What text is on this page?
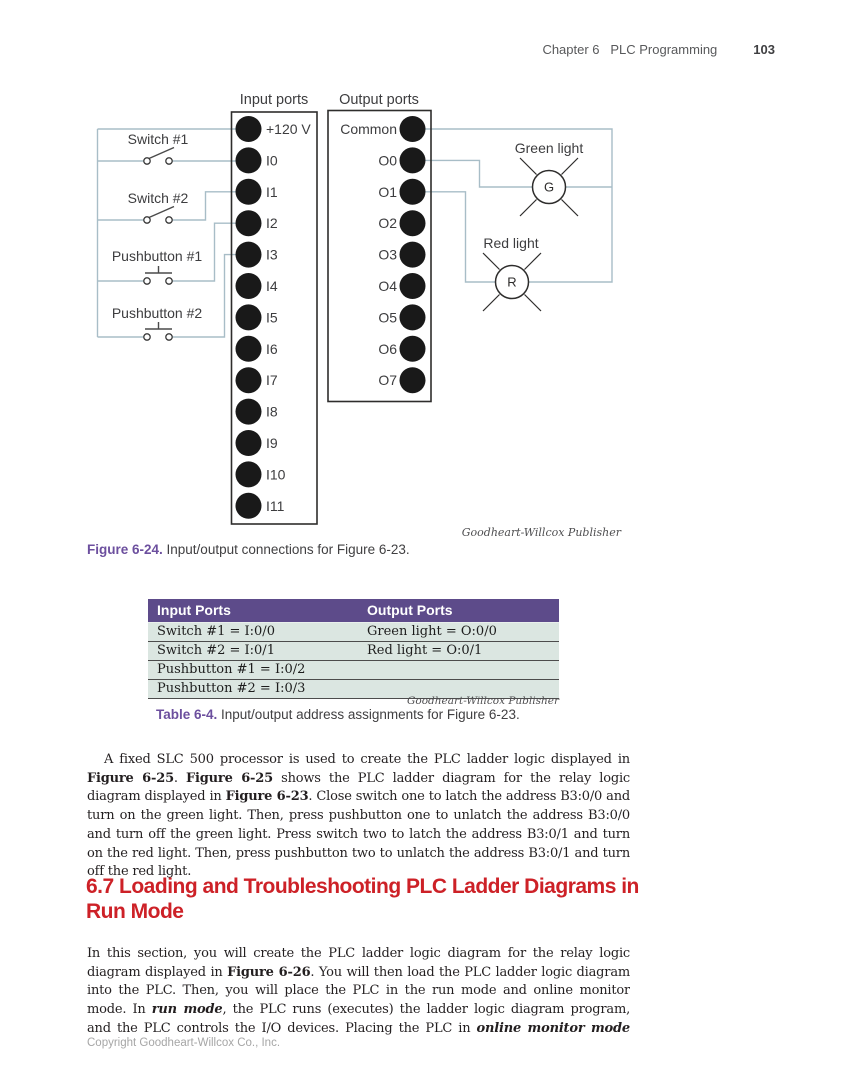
Chapter 6   PLC Programming	103
Input ports Output ports
+120 V
I0
I1
I2
I3
I4
I5
I6
I7
I8
I9
I10
I11
Common
O0
O1
O2
O3
O4
O5
O6
O7
Switch #1
Switch #2
Pushbutton #1
Pushbutton #2
Green light
G
Red light
R
Goodheart-Willcox Publisher
Figure 6-24. Input/output connections for Figure 6-23.
Input Ports	Output Ports
Switch #1 = I:0/0	Green light = O:0/0
Switch #2 = I:0/1	Red light = O:0/1
Pushbutton #1 = I:0/2	
Pushbutton #2 = I:0/3	
Goodheart-Willcox Publisher
Table 6-4. Input/output address assignments for Figure 6-23.

A fixed SLC 500 processor is used to create the PLC ladder logic displayed in Figure 6-25. Figure 6-25 shows the PLC ladder diagram for the relay logic diagram displayed in Figure 6-23. Close switch one to latch the address B3:0/0 and turn on the green light. Then, press pushbutton one to unlatch the address B3:0/0 and turn off the green light. Press switch two to latch the address B3:0/1 and turn on the red light. Then, press pushbutton two to unlatch the address B3:0/1 and turn off the red light.

6.7 Loading and Troubleshooting PLC Ladder Diagrams in Run Mode

In this section, you will create the PLC ladder logic diagram for the relay logic diagram displayed in Figure 6-26. You will then load the PLC ladder logic diagram into the PLC. Then, you will place the PLC in the run mode and online monitor mode. In run mode, the PLC runs (executes) the ladder logic diagram program, and the PLC controls the I/O devices. Placing the PLC in online monitor mode

Copyright Goodheart-Willcox Co., Inc.
